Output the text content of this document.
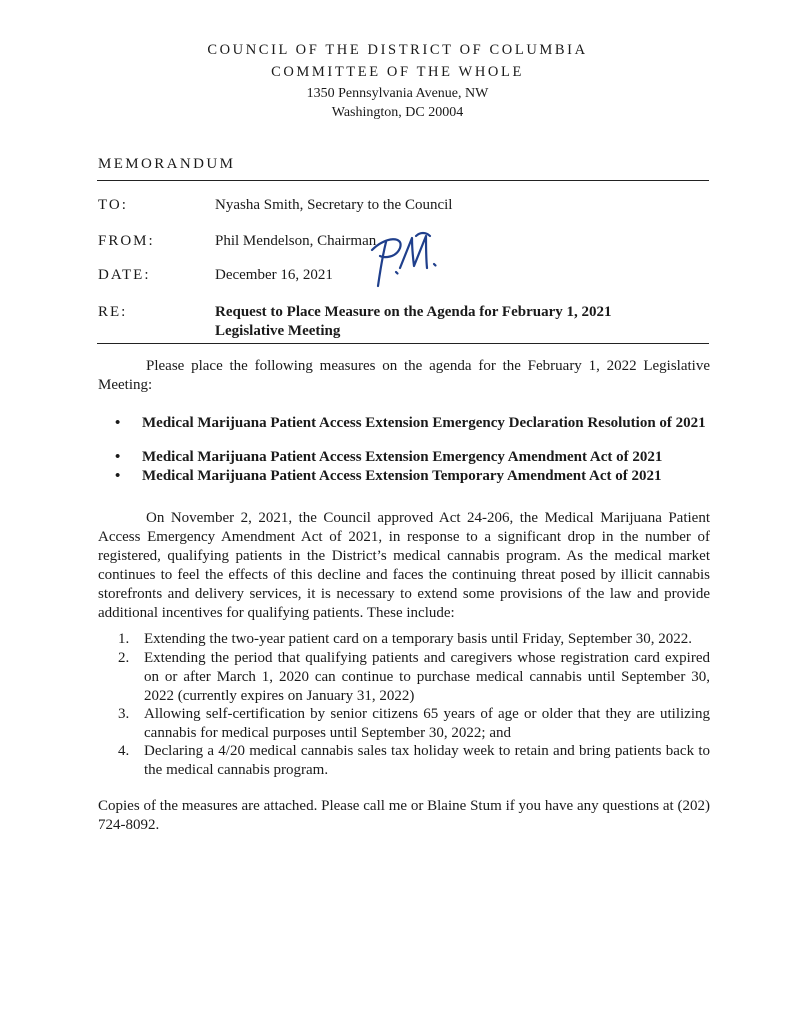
COUNCIL OF THE DISTRICT OF COLUMBIA
COMMITTEE OF THE WHOLE
1350 Pennsylvania Avenue, NW
Washington, DC 20004
MEMORANDUM
TO:	Nyasha Smith, Secretary to the Council
FROM:	Phil Mendelson, Chairman
DATE:	December 16, 2021
RE:	Request to Place Measure on the Agenda for February 1, 2021
Legislative Meeting

Please place the following measures on the agenda for the February 1, 2022 Legislative Meeting:

• Medical Marijuana Patient Access Extension Emergency Declaration Resolution of 2021
• Medical Marijuana Patient Access Extension Emergency Amendment Act of 2021
• Medical Marijuana Patient Access Extension Temporary Amendment Act of 2021

On November 2, 2021, the Council approved Act 24-206, the Medical Marijuana Patient Access Emergency Amendment Act of 2021, in response to a significant drop in the number of registered, qualifying patients in the District’s medical cannabis program. As the medical market continues to feel the effects of this decline and faces the continuing threat posed by illicit cannabis storefronts and delivery services, it is necessary to extend some provisions of the law and provide additional incentives for qualifying patients. These include:

1. Extending the two-year patient card on a temporary basis until Friday, September 30, 2022.
2. Extending the period that qualifying patients and caregivers whose registration card expired on or after March 1, 2020 can continue to purchase medical cannabis until September 30, 2022 (currently expires on January 31, 2022)
3. Allowing self-certification by senior citizens 65 years of age or older that they are utilizing cannabis for medical purposes until September 30, 2022; and
4. Declaring a 4/20 medical cannabis sales tax holiday week to retain and bring patients back to the medical cannabis program.

Copies of the measures are attached. Please call me or Blaine Stum if you have any questions at (202) 724-8092.
